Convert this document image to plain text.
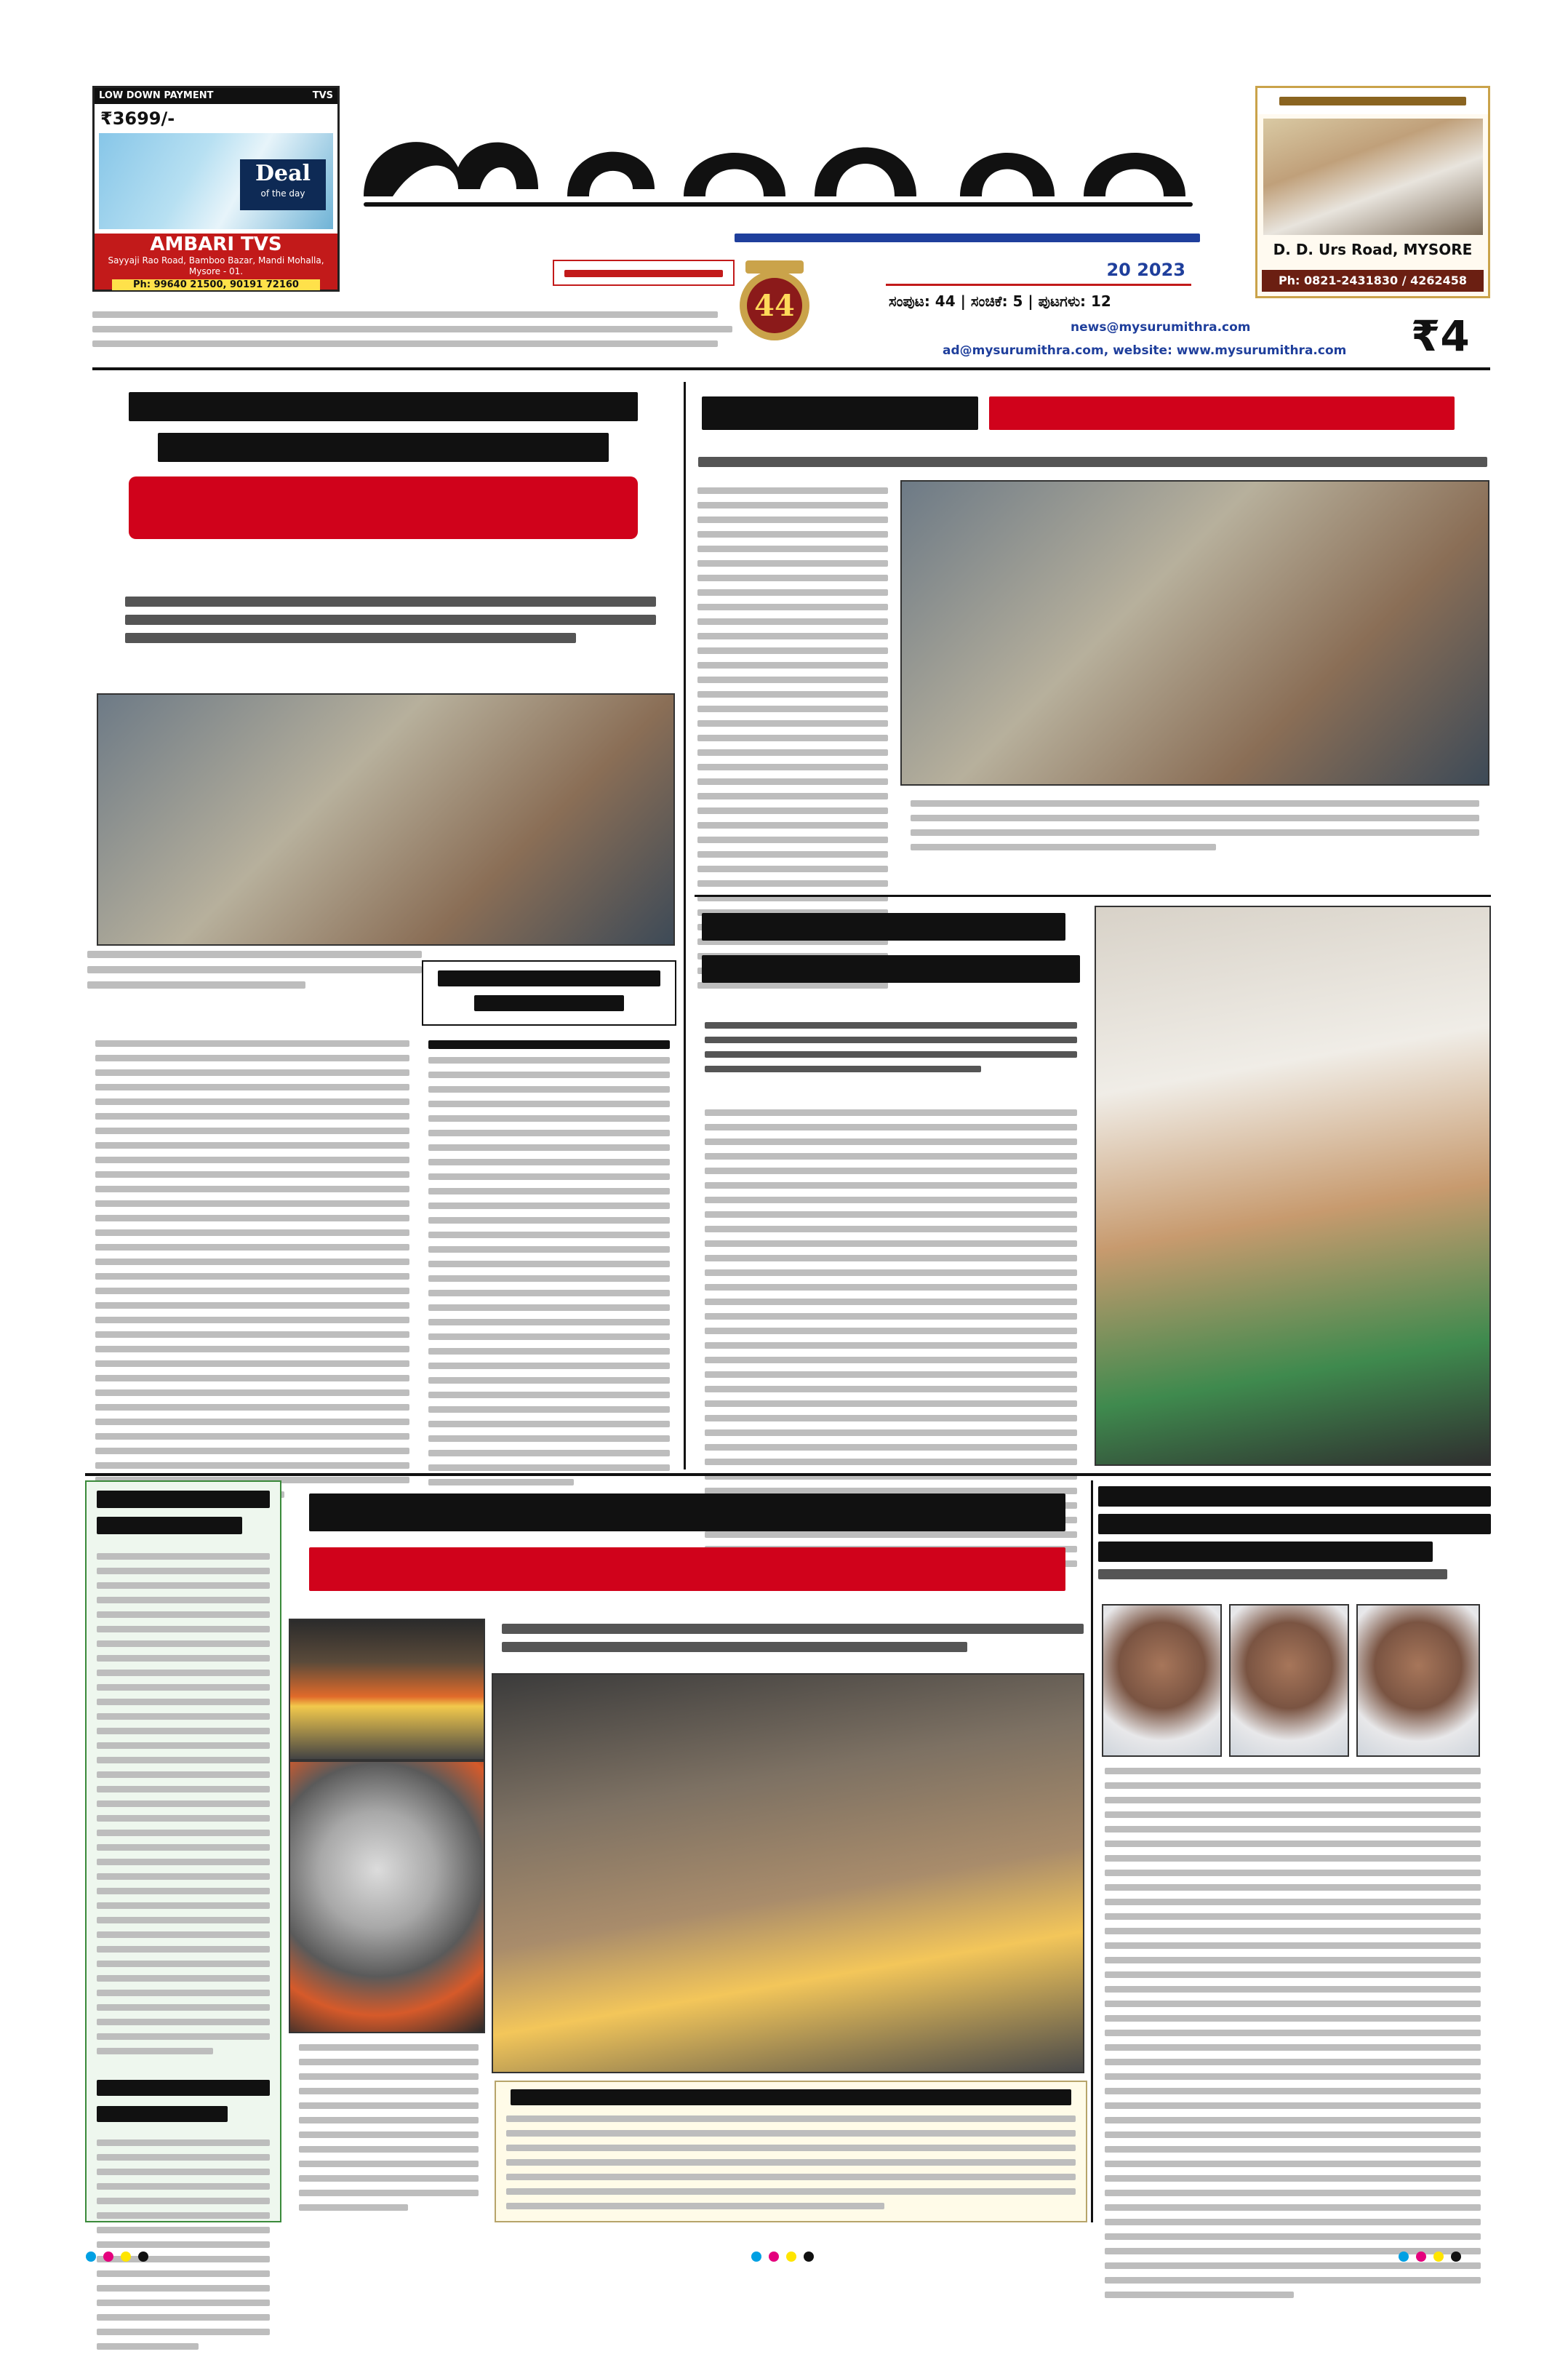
LOW DOWN PAYMENT	TVS
₹3699/-
Deal
of the day
AMBARI TVS
Sayyaji Rao Road, Bamboo Bazar, Mandi Mohalla, Mysore - 01.
Ph: 99640 21500, 90191 72160
44
20 2023
ಸಂಪುಟ: 44 | ಸಂಚಿಕೆ: 5 | ಪುಟಗಳು: 12
D. D. Urs Road, MYSORE
Ph: 0821-2431830 / 4262458
news@mysurumithra.com
ad@mysurumithra.com, website: www.mysurumithra.com	₹4
